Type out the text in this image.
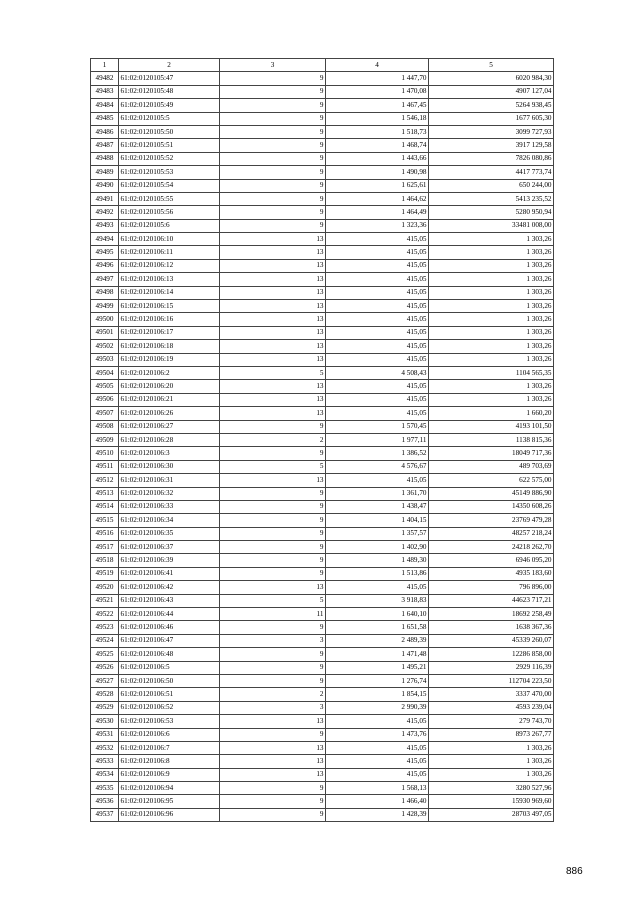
1	2	3	4	5
49482	61:02:0120105:47	9	1 447,70	6020 984,30
49483	61:02:0120105:48	9	1 470,08	4907 127,04
49484	61:02:0120105:49	9	1 467,45	5264 938,45
49485	61:02:0120105:5	9	1 546,18	1677 605,30
49486	61:02:0120105:50	9	1 518,73	3099 727,93
49487	61:02:0120105:51	9	1 468,74	3917 129,58
49488	61:02:0120105:52	9	1 443,66	7826 080,86
49489	61:02:0120105:53	9	1 490,98	4417 773,74
49490	61:02:0120105:54	9	1 625,61	650 244,00
49491	61:02:0120105:55	9	1 464,62	5413 235,52
49492	61:02:0120105:56	9	1 464,49	5280 950,94
49493	61:02:0120105:6	9	1 323,36	33481 008,00
49494	61:02:0120106:10	13	415,05	1 303,26
49495	61:02:0120106:11	13	415,05	1 303,26
49496	61:02:0120106:12	13	415,05	1 303,26
49497	61:02:0120106:13	13	415,05	1 303,26
49498	61:02:0120106:14	13	415,05	1 303,26
49499	61:02:0120106:15	13	415,05	1 303,26
49500	61:02:0120106:16	13	415,05	1 303,26
49501	61:02:0120106:17	13	415,05	1 303,26
49502	61:02:0120106:18	13	415,05	1 303,26
49503	61:02:0120106:19	13	415,05	1 303,26
49504	61:02:0120106:2	5	4 508,43	1104 565,35
49505	61:02:0120106:20	13	415,05	1 303,26
49506	61:02:0120106:21	13	415,05	1 303,26
49507	61:02:0120106:26	13	415,05	1 660,20
49508	61:02:0120106:27	9	1 570,45	4193 101,50
49509	61:02:0120106:28	2	1 977,11	1138 815,36
49510	61:02:0120106:3	9	1 386,52	18049 717,36
49511	61:02:0120106:30	5	4 576,67	489 703,69
49512	61:02:0120106:31	13	415,05	622 575,00
49513	61:02:0120106:32	9	1 361,70	45149 886,90
49514	61:02:0120106:33	9	1 438,47	14350 608,26
49515	61:02:0120106:34	9	1 404,15	23769 479,28
49516	61:02:0120106:35	9	1 357,57	48257 218,24
49517	61:02:0120106:37	9	1 402,90	24218 262,70
49518	61:02:0120106:39	9	1 489,30	6946 095,20
49519	61:02:0120106:41	9	1 513,86	4935 183,60
49520	61:02:0120106:42	13	415,05	796 896,00
49521	61:02:0120106:43	5	3 918,83	44623 717,21
49522	61:02:0120106:44	11	1 640,10	18692 258,49
49523	61:02:0120106:46	9	1 651,58	1638 367,36
49524	61:02:0120106:47	3	2 489,39	45339 260,07
49525	61:02:0120106:48	9	1 471,48	12286 858,00
49526	61:02:0120106:5	9	1 495,21	2929 116,39
49527	61:02:0120106:50	9	1 276,74	112704 223,50
49528	61:02:0120106:51	2	1 854,15	3337 470,00
49529	61:02:0120106:52	3	2 990,39	4593 239,04
49530	61:02:0120106:53	13	415,05	279 743,70
49531	61:02:0120106:6	9	1 473,76	8973 267,77
49532	61:02:0120106:7	13	415,05	1 303,26
49533	61:02:0120106:8	13	415,05	1 303,26
49534	61:02:0120106:9	13	415,05	1 303,26
49535	61:02:0120106:94	9	1 568,13	3280 527,96
49536	61:02:0120106:95	9	1 466,40	15930 969,60
49537	61:02:0120106:96	9	1 428,39	28703 497,05
886
